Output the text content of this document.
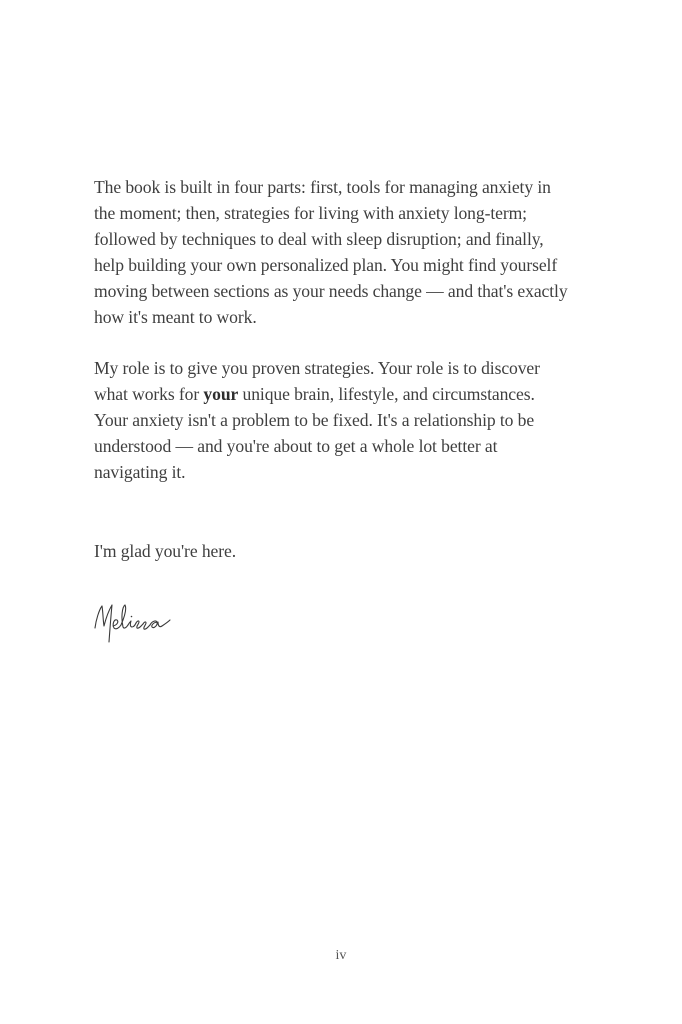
The book is built in four parts: first, tools for managing anxiety in
the moment; then, strategies for living with anxiety long-term;
followed by techniques to deal with sleep disruption; and finally,
help building your own personalized plan. You might find yourself
moving between sections as your needs change — and that's exactly
how it's meant to work.

My role is to give you proven strategies. Your role is to discover
what works for your unique brain, lifestyle, and circumstances.
Your anxiety isn't a problem to be fixed. It's a relationship to be
understood — and you're about to get a whole lot better at
navigating it.

I'm glad you're here.
iv
